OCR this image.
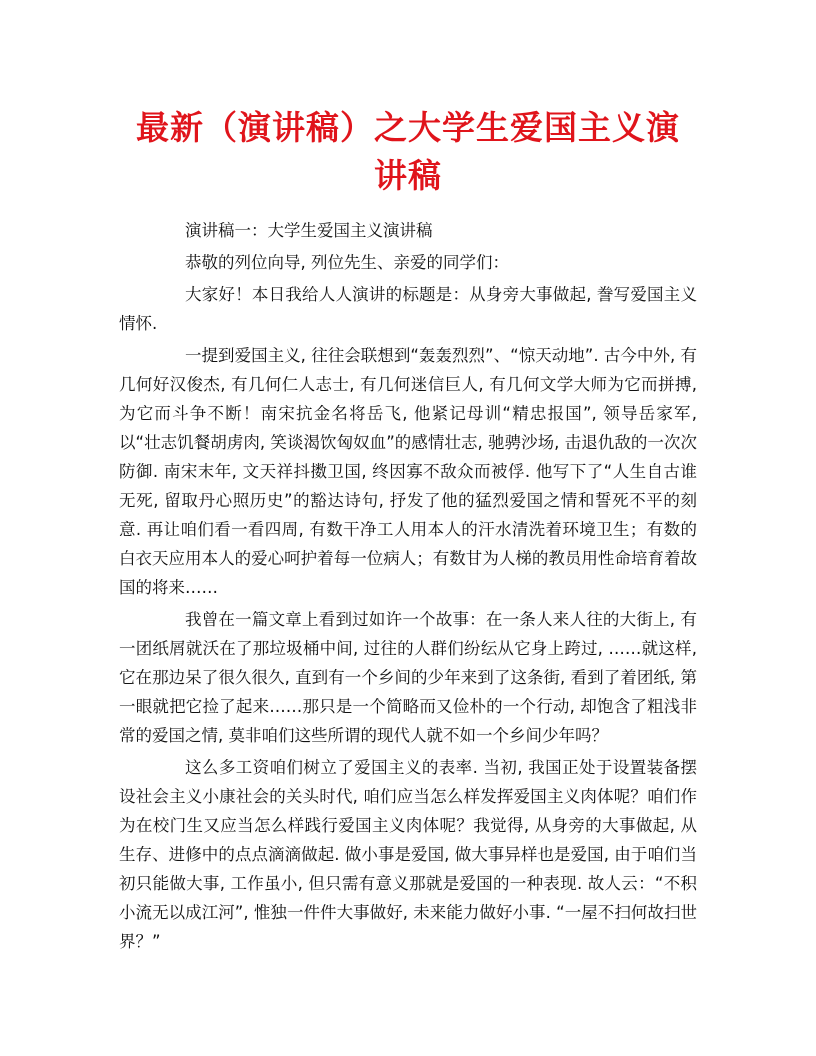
最新（演讲稿）之大学生爱国主义演讲稿

演讲稿一：大学生爱国主义演讲稿

恭敬的列位向导, 列位先生、亲爱的同学们：

大家好！本日我给人人演讲的标题是：从身旁大事做起, 誊写爱国主义情怀.

一提到爱国主义, 往往会联想到“轰轰烈烈”、“惊天动地”. 古今中外, 有几何好汉俊杰, 有几何仁人志士, 有几何迷信巨人, 有几何文学大师为它而拼搏, 为它而斗争不断！南宋抗金名将岳飞, 他紧记母训“精忠报国”, 领导岳家军, 以“壮志饥餐胡虏肉, 笑谈渴饮匈奴血”的感情壮志, 驰骋沙场, 击退仇敌的一次次防御. 南宋末年, 文天祥抖擞卫国, 终因寡不敌众而被俘. 他写下了“人生自古谁无死, 留取丹心照历史”的豁达诗句, 抒发了他的猛烈爱国之情和誓死不平的刻意. 再让咱们看一看四周, 有数干净工人用本人的汗水清洗着环境卫生；有数的白衣天应用本人的爱心呵护着每一位病人；有数甘为人梯的教员用性命培育着故国的将来……

我曾在一篇文章上看到过如许一个故事：在一条人来人往的大街上, 有一团纸屑就沃在了那垃圾桶中间, 过往的人群们纷纭从它身上跨过, ……就这样, 它在那边呆了很久很久, 直到有一个乡间的少年来到了这条街, 看到了着团纸, 第一眼就把它捡了起来……那只是一个简略而又俭朴的一个行动, 却饱含了粗浅非常的爱国之情, 莫非咱们这些所谓的现代人就不如一个乡间少年吗？

这么多工资咱们树立了爱国主义的表率. 当初, 我国正处于设置装备摆设社会主义小康社会的关头时代, 咱们应当怎么样发挥爱国主义肉体呢？咱们作为在校门生又应当怎么样践行爱国主义肉体呢？我觉得, 从身旁的大事做起, 从生存、进修中的点点滴滴做起. 做小事是爱国, 做大事异样也是爱国, 由于咱们当初只能做大事, 工作虽小, 但只需有意义那就是爱国的一种表现. 故人云：“不积小流无以成江河”, 惟独一件件大事做好, 未来能力做好小事. “一屋不扫何故扫世界？”
